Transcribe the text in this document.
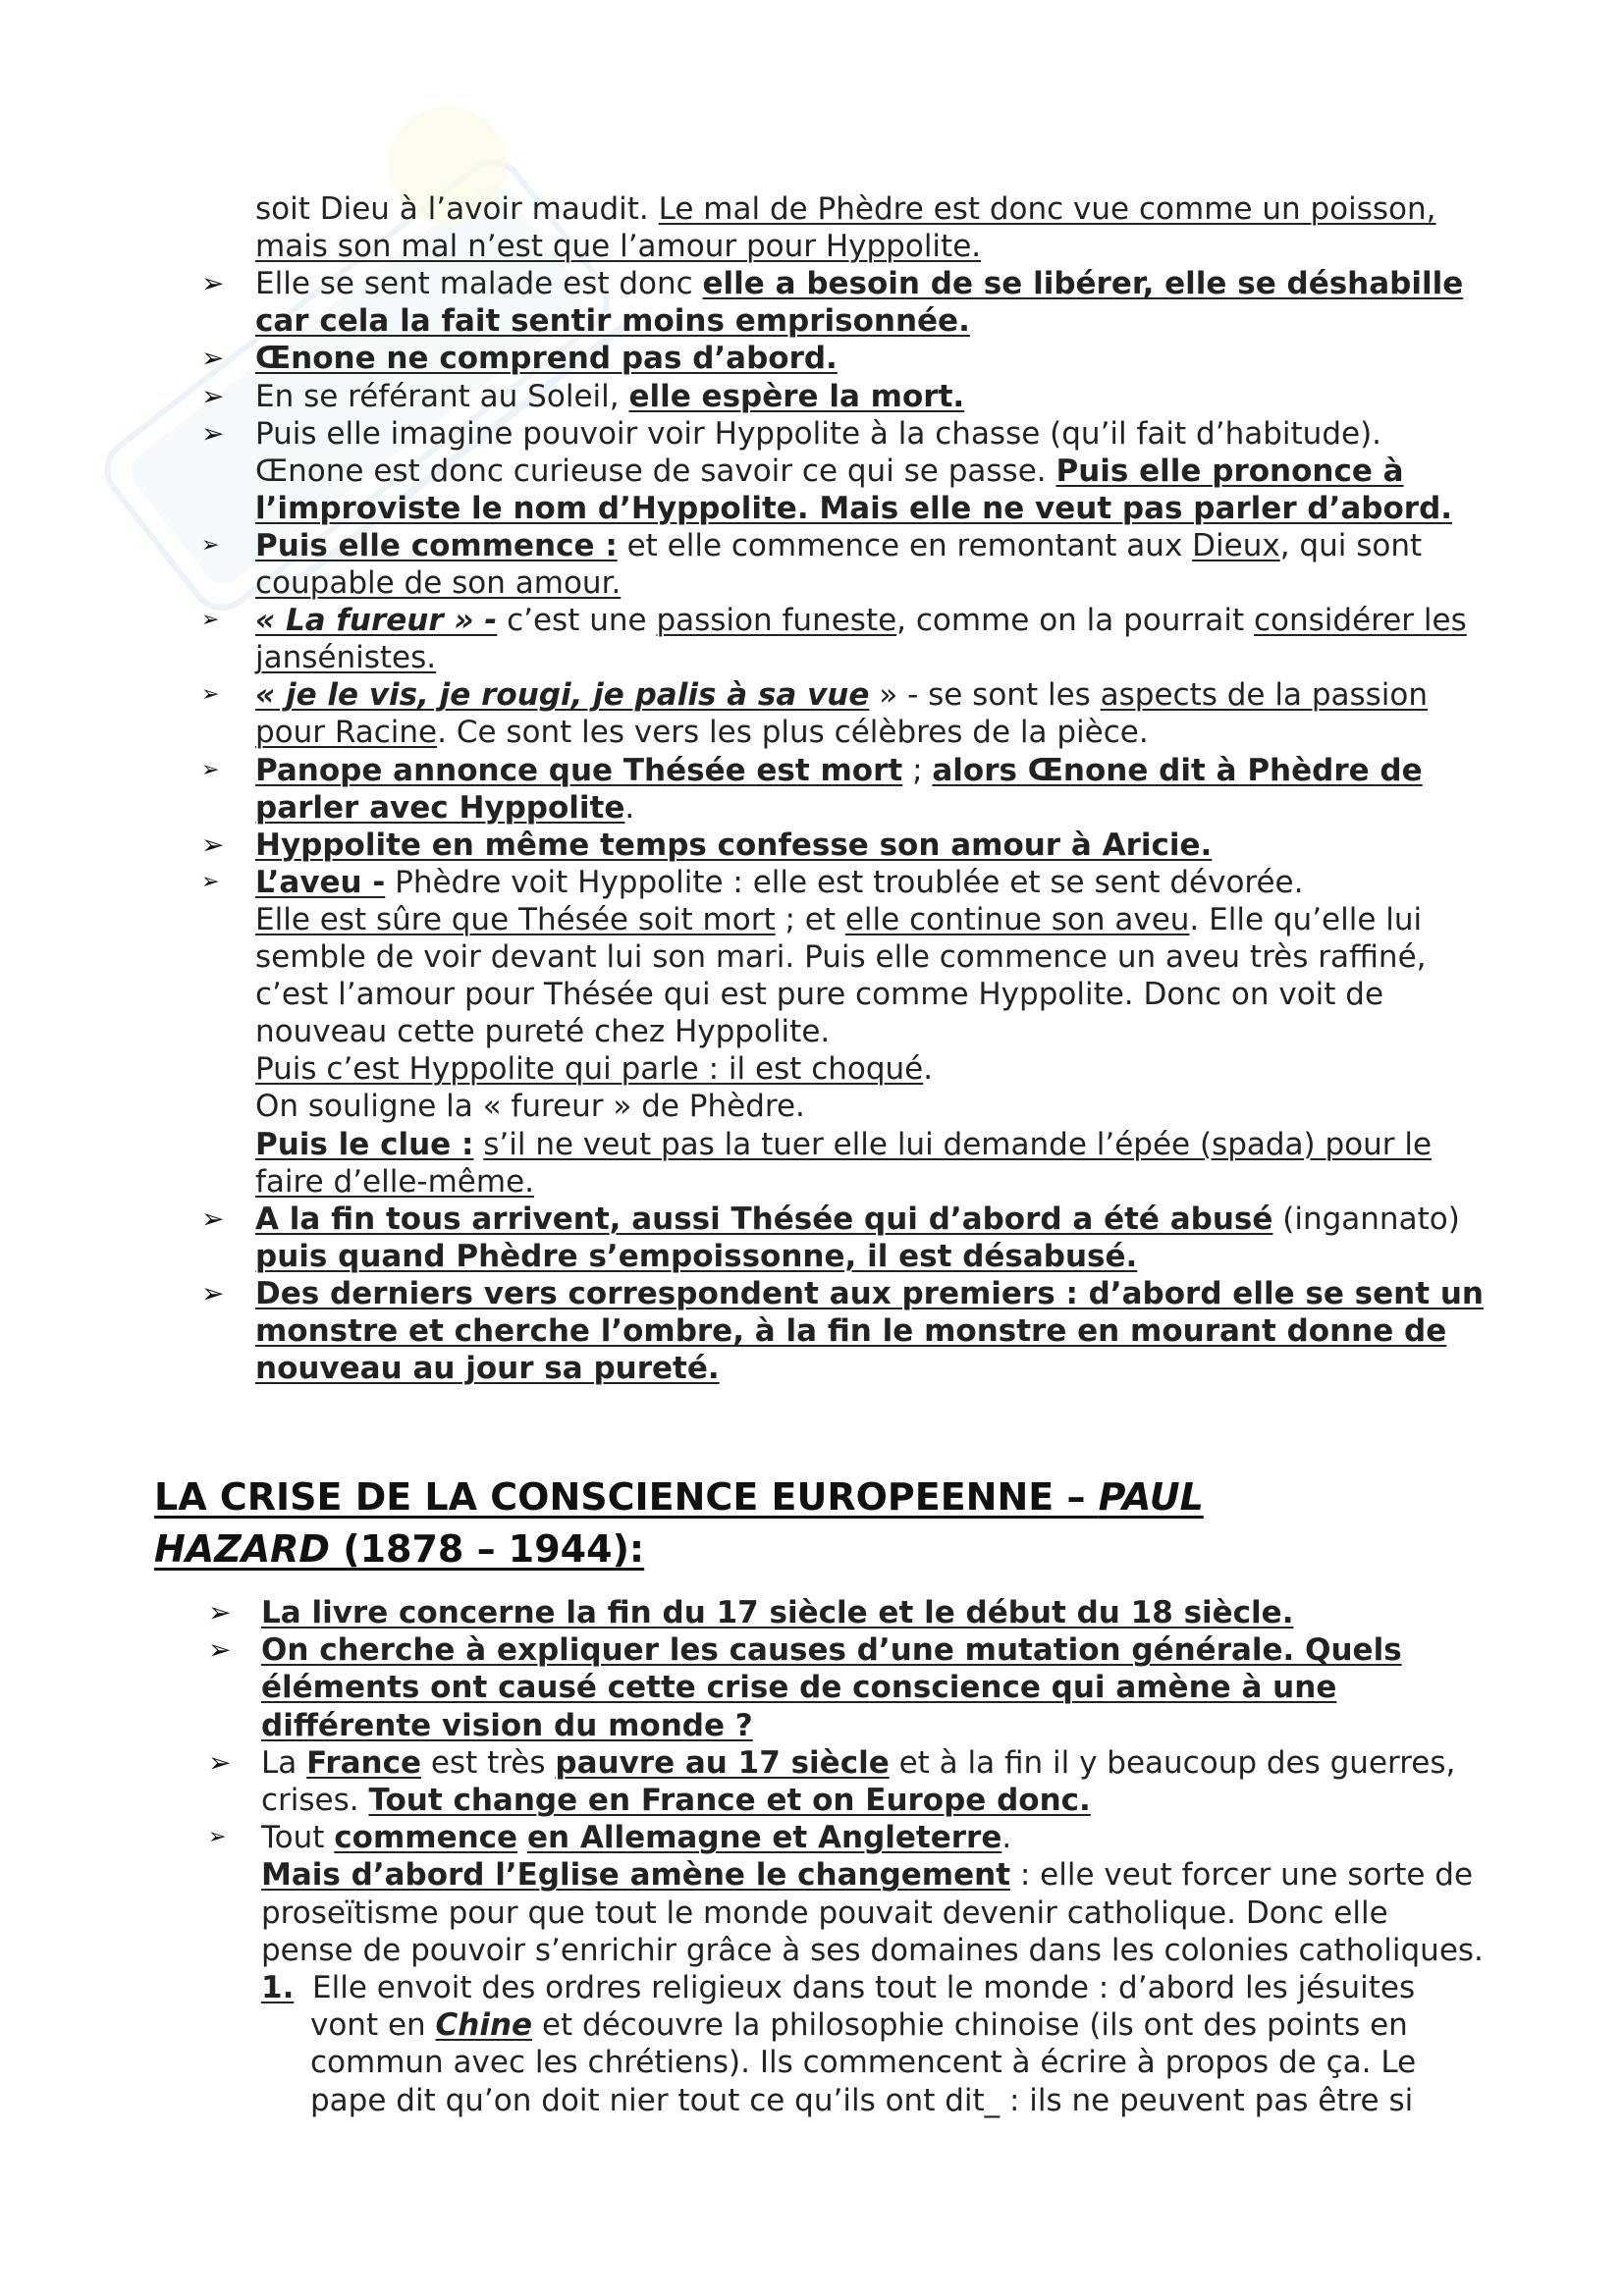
soit Dieu à l’avoir maudit. Le mal de Phèdre est donc vue comme un poisson,
mais son mal n’est que l’amour pour Hyppolite.
➢ Elle se sent malade est donc elle a besoin de se libérer, elle se déshabille
car cela la fait sentir moins emprisonnée.
➢ Œnone ne comprend pas d’abord.
➢ En se référant au Soleil, elle espère la mort.
➢ Puis elle imagine pouvoir voir Hyppolite à la chasse (qu’il fait d’habitude).
Œnone est donc curieuse de savoir ce qui se passe. Puis elle prononce à
l’improviste le nom d’Hyppolite. Mais elle ne veut pas parler d’abord.
➢ Puis elle commence : et elle commence en remontant aux Dieux, qui sont
coupable de son amour.
➢ « La fureur » - c’est une passion funeste, comme on la pourrait considérer les
jansénistes.
➢ « je le vis, je rougi, je palis à sa vue » - se sont les aspects de la passion
pour Racine. Ce sont les vers les plus célèbres de la pièce.
➢ Panope annonce que Thésée est mort ; alors Œnone dit à Phèdre de
parler avec Hyppolite.
➢ Hyppolite en même temps confesse son amour à Aricie.
➢ L’aveu - Phèdre voit Hyppolite : elle est troublée et se sent dévorée.
Elle est sûre que Thésée soit mort ; et elle continue son aveu. Elle qu’elle lui
semble de voir devant lui son mari. Puis elle commence un aveu très raffiné,
c’est l’amour pour Thésée qui est pure comme Hyppolite. Donc on voit de
nouveau cette pureté chez Hyppolite.
Puis c’est Hyppolite qui parle : il est choqué.
On souligne la « fureur » de Phèdre.
Puis le clue : s’il ne veut pas la tuer elle lui demande l’épée (spada) pour le
faire d’elle-même.
➢ A la fin tous arrivent, aussi Thésée qui d’abord a été abusé (ingannato)
puis quand Phèdre s’empoissonne, il est désabusé.
➢ Des derniers vers correspondent aux premiers : d’abord elle se sent un
monstre et cherche l’ombre, à la fin le monstre en mourant donne de
nouveau au jour sa pureté.
LA CRISE DE LA CONSCIENCE EUROPEENNE – PAUL
HAZARD (1878 – 1944):
➢ La livre concerne la fin du 17 siècle et le début du 18 siècle.
➢ On cherche à expliquer les causes d’une mutation générale. Quels
éléments ont causé cette crise de conscience qui amène à une
différente vision du monde ?
➢ La France est très pauvre au 17 siècle et à la fin il y beaucoup des guerres,
crises. Tout change en France et on Europe donc.
➢ Tout commence en Allemagne et Angleterre.
Mais d’abord l’Eglise amène le changement : elle veut forcer une sorte de
proseïtisme pour que tout le monde pouvait devenir catholique. Donc elle
pense de pouvoir s’enrichir grâce à ses domaines dans les colonies catholiques.
1. Elle envoit des ordres religieux dans tout le monde : d’abord les jésuites
vont en Chine et découvre la philosophie chinoise (ils ont des points en
commun avec les chrétiens). Ils commencent à écrire à propos de ça. Le
pape dit qu’on doit nier tout ce qu’ils ont dit_ : ils ne peuvent pas être si
